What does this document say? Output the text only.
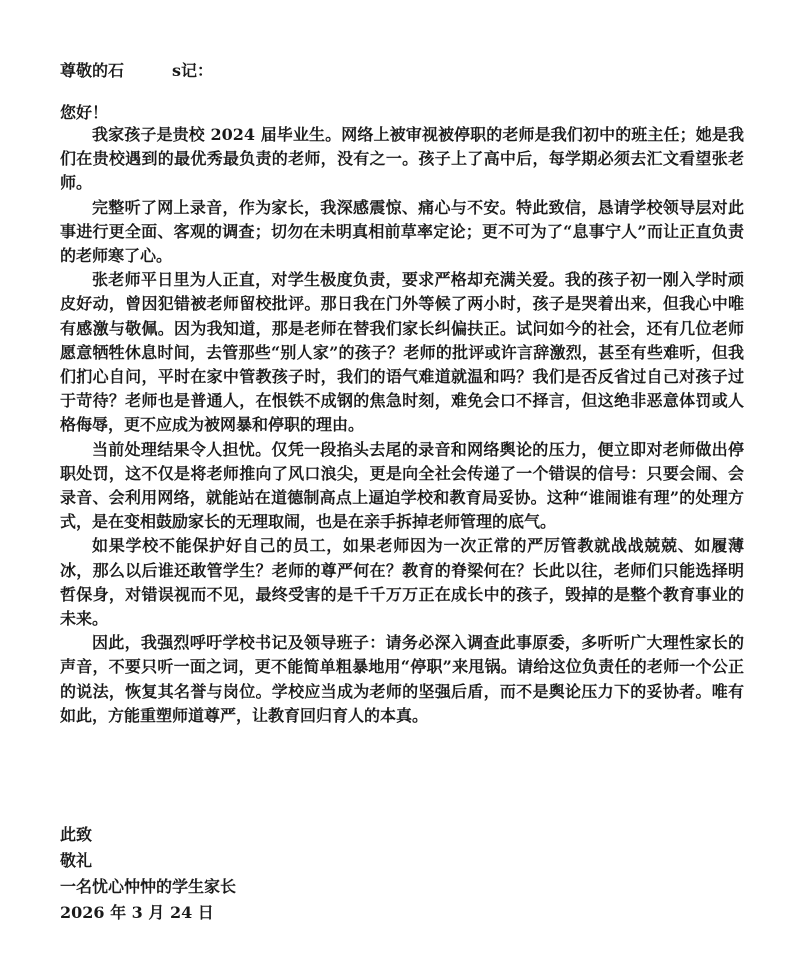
尊敬的石　　　s记：
您好！

我家孩子是贵校 2024 届毕业生。网络上被审视被停职的老师是我们初中的班主任；她是我们在贵校遇到的最优秀最负责的老师，没有之一。孩子上了高中后，每学期必须去汇文看望张老师。

完整听了网上录音，作为家长，我深感震惊、痛心与不安。特此致信，恳请学校领导层对此事进行更全面、客观的调查；切勿在未明真相前草率定论；更不可为了“息事宁人”而让正直负责的老师寒了心。

张老师平日里为人正直，对学生极度负责，要求严格却充满关爱。我的孩子初一刚入学时顽皮好动，曾因犯错被老师留校批评。那日我在门外等候了两小时，孩子是哭着出来，但我心中唯有感激与敬佩。因为我知道，那是老师在替我们家长纠偏扶正。试问如今的社会，还有几位老师愿意牺牲休息时间，去管那些“别人家”的孩子？老师的批评或许言辞激烈，甚至有些难听，但我们扪心自问，平时在家中管教孩子时，我们的语气难道就温和吗？我们是否反省过自己对孩子过于苛待？老师也是普通人，在恨铁不成钢的焦急时刻，难免会口不择言，但这绝非恶意体罚或人格侮辱，更不应成为被网暴和停职的理由。

当前处理结果令人担忧。仅凭一段掐头去尾的录音和网络舆论的压力，便立即对老师做出停职处罚，这不仅是将老师推向了风口浪尖，更是向全社会传递了一个错误的信号：只要会闹、会录音、会利用网络，就能站在道德制高点上逼迫学校和教育局妥协。这种“谁闹谁有理”的处理方式，是在变相鼓励家长的无理取闹，也是在亲手拆掉老师管理的底气。

如果学校不能保护好自己的员工，如果老师因为一次正常的严厉管教就战战兢兢、如履薄冰，那么以后谁还敢管学生？老师的尊严何在？教育的脊梁何在？长此以往，老师们只能选择明哲保身，对错误视而不见，最终受害的是千千万万正在成长中的孩子，毁掉的是整个教育事业的未来。

因此，我强烈呼吁学校书记及领导班子：请务必深入调查此事原委，多听听广大理性家长的声音，不要只听一面之词，更不能简单粗暴地用“停职”来甩锅。请给这位负责任的老师一个公正的说法，恢复其名誉与岗位。学校应当成为老师的坚强后盾，而不是舆论压力下的妥协者。唯有如此，方能重塑师道尊严，让教育回归育人的本真。

此致
敬礼
一名忧心忡忡的学生家长
2026 年 3 月 24 日
